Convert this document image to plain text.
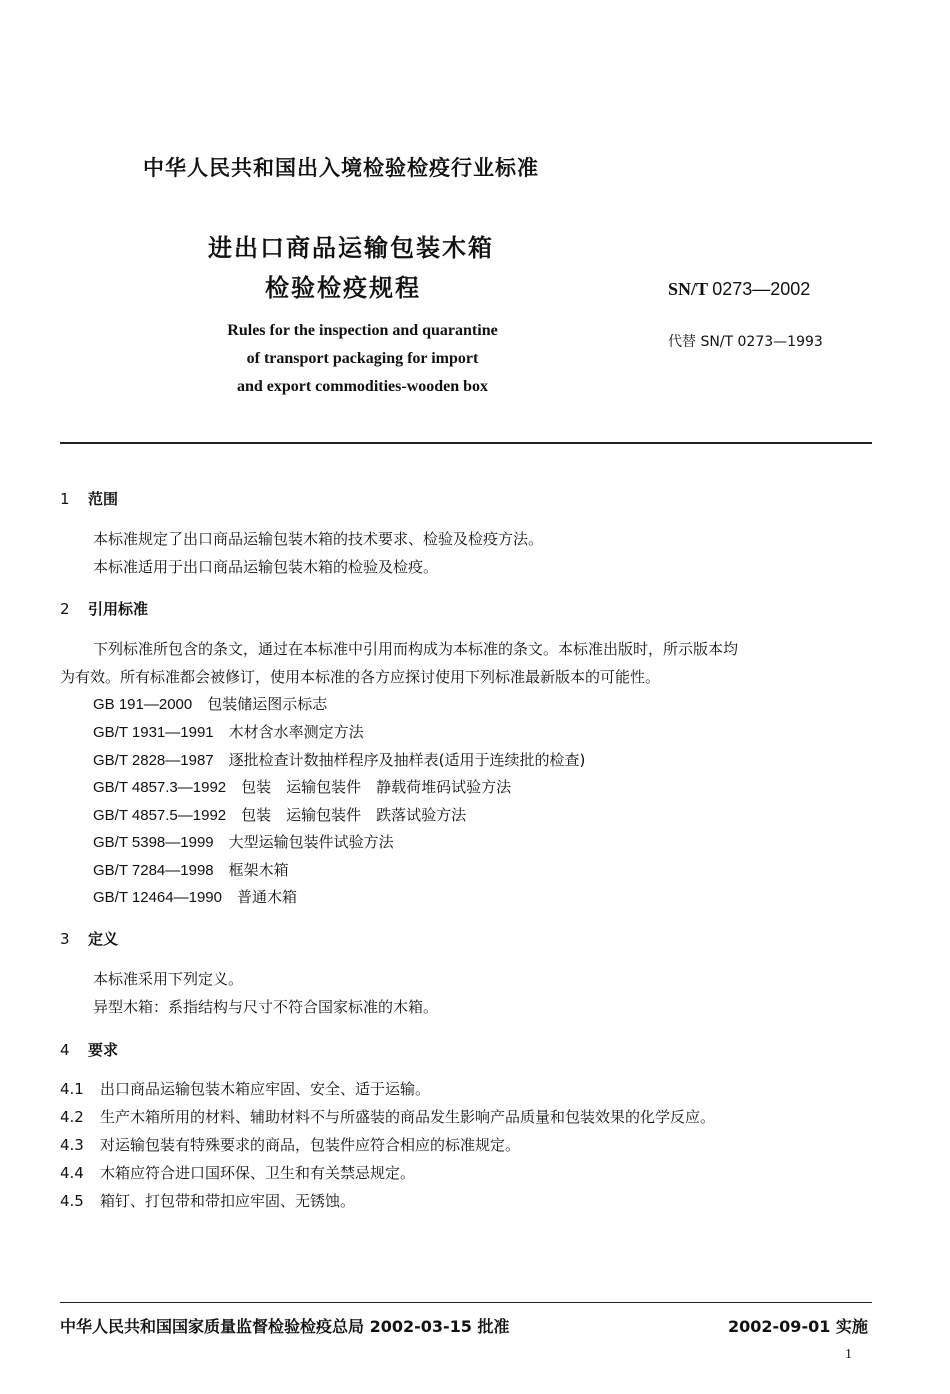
中华人民共和国出入境检验检疫行业标准
进出口商品运输包装木箱
检验检疫规程	SN/T 0273—2002
代替 SN/T 0273—1993
Rules for the inspection and quarantine
of transport packaging for import
and export commodities-wooden box
1 范围
本标准规定了出口商品运输包装木箱的技术要求、检验及检疫方法。
本标准适用于出口商品运输包装木箱的检验及检疫。
2 引用标准
下列标准所包含的条文，通过在本标准中引用而构成为本标准的条文。本标准出版时，所示版本均
为有效。所有标准都会被修订，使用本标准的各方应探讨使用下列标准最新版本的可能性。
GB 191—2000　 包装储运图示标志
GB/T 1931—1991　 木材含水率测定方法
GB/T 2828—1987　 逐批检查计数抽样程序及抽样表(适用于连续批的检查)
GB/T 4857.3—1992　 包装　运输包装件　静载荷堆码试验方法
GB/T 4857.5—1992　 包装　运输包装件　跌落试验方法
GB/T 5398—1999　 大型运输包装件试验方法
GB/T 7284—1998　 框架木箱
GB/T 12464—1990　 普通木箱
3 定义
本标准采用下列定义。
异型木箱：系指结构与尺寸不符合国家标准的木箱。
4 要求
4.1 出口商品运输包装木箱应牢固、安全、适于运输。
4.2 生产木箱所用的材料、辅助材料不与所盛装的商品发生影响产品质量和包装效果的化学反应。
4.3 对运输包装有特殊要求的商品，包装件应符合相应的标准规定。
4.4 木箱应符合进口国环保、卫生和有关禁忌规定。
4.5 箱钉、打包带和带扣应牢固、无锈蚀。
中华人民共和国国家质量监督检验检疫总局 2002-03-15 批准	2002-09-01 实施
1
